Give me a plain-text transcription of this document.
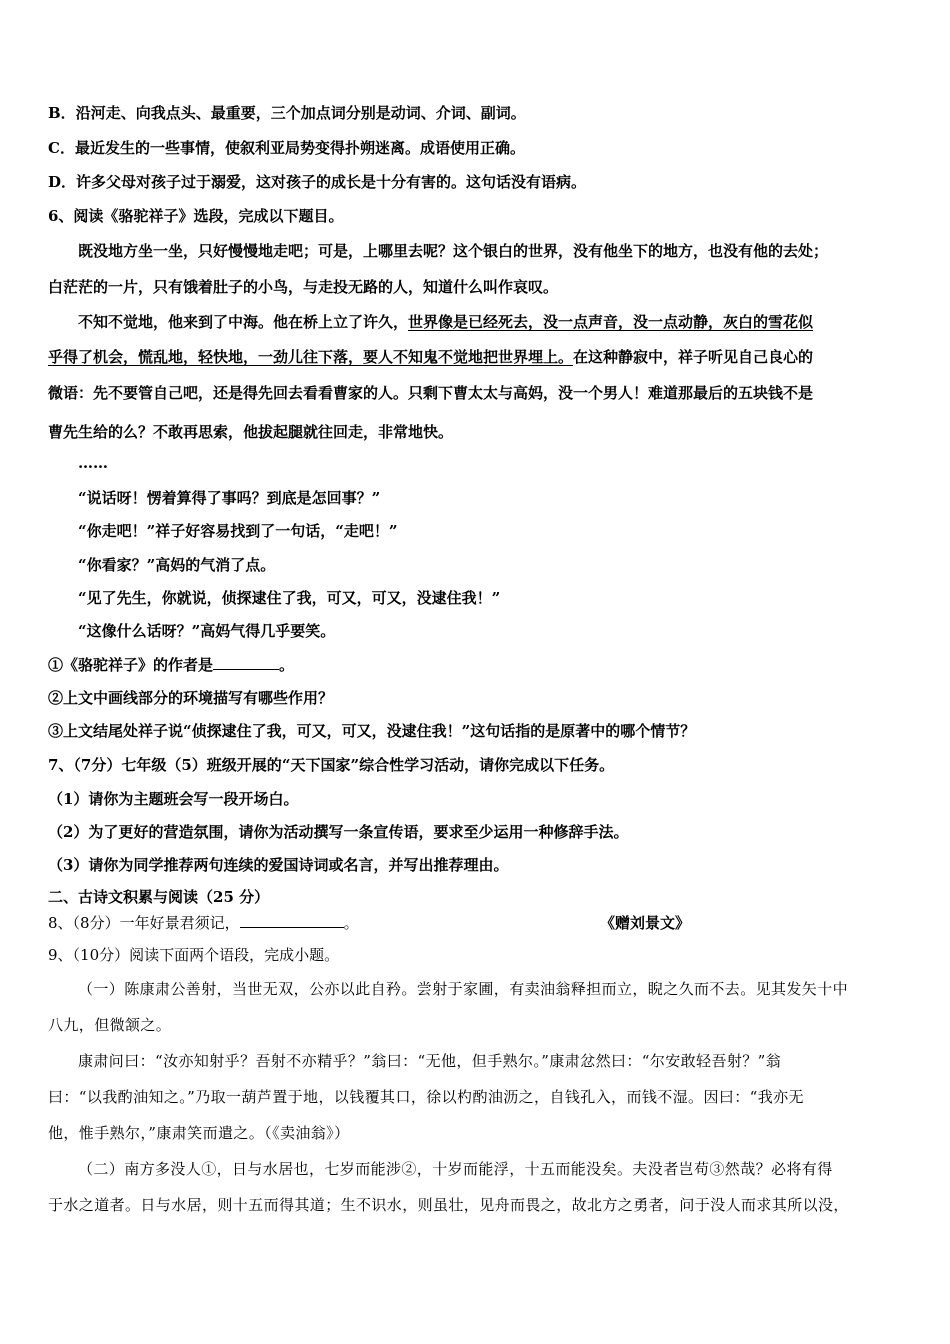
B．沿河走、向我点头、最重要，三个加点词分别是动词、介词、副词。
C．最近发生的一些事情，使叙利亚局势变得扑朔迷离。成语使用正确。
D．许多父母对孩子过于溺爱，这对孩子的成长是十分有害的。这句话没有语病。
6、阅读《骆驼祥子》选段，完成以下题目。
既没地方坐一坐，只好慢慢地走吧；可是，上哪里去呢？这个银白的世界，没有他坐下的地方，也没有他的去处；
白茫茫的一片，只有饿着肚子的小鸟，与走投无路的人，知道什么叫作哀叹。
不知不觉地，他来到了中海。他在桥上立了许久，世界像是已经死去，没一点声音，没一点动静，灰白的雪花似
乎得了机会，慌乱地，轻快地，一劲儿往下落，要人不知鬼不觉地把世界埋上。在这种静寂中，祥子听见自己良心的
微语：先不要管自己吧，还是得先回去看看曹家的人。只剩下曹太太与高妈，没一个男人！难道那最后的五块钱不是
曹先生给的么？不敢再思索，他拔起腿就往回走，非常地快。
……
“说话呀！愣着算得了事吗？到底是怎回事？”
“你走吧！”祥子好容易找到了一句话，“走吧！”
“你看家？”高妈的气消了点。
“见了先生，你就说，侦探逮住了我，可又，可又，没逮住我！”
“这像什么话呀？”高妈气得几乎要笑。
①《骆驼祥子》的作者是	。
②上文中画线部分的环境描写有哪些作用？
③上文结尾处祥子说“侦探逮住了我，可又，可又，没逮住我！”这句话指的是原著中的哪个情节？
7、（7分）七年级（5）班级开展的“天下国家”综合性学习活动，请你完成以下任务。
（1）请你为主题班会写一段开场白。
（2）为了更好的营造氛围，请你为活动撰写一条宣传语，要求至少运用一种修辞手法。
（3）请你为同学推荐两句连续的爱国诗词或名言，并写出推荐理由。
二、古诗文积累与阅读（25 分）
8、（8分）一年好景君须记，	。	《赠刘景文》
9、（10分）阅读下面两个语段，完成小题。
（一）陈康肃公善射，当世无双，公亦以此自矜。尝射于家圃，有卖油翁释担而立，睨之久而不去。见其发矢十中
八九，但微颔之。
康肃问曰：“汝亦知射乎？吾射不亦精乎？”翁曰：“无他，但手熟尔。”康肃忿然曰：“尔安敢轻吾射？”翁
曰：“以我酌油知之。”乃取一葫芦置于地，以钱覆其口，徐以杓酌油沥之，自钱孔入，而钱不湿。因曰：“我亦无
他，惟手熟尔，”康肃笑而遣之。（《卖油翁》）
（二）南方多没人①，日与水居也，七岁而能涉②，十岁而能浮，十五而能没矣。夫没者岂苟③然哉？必将有得
于水之道者。日与水居，则十五而得其道；生不识水，则虽壮，见舟而畏之，故北方之勇者，问于没人而求其所以没，
